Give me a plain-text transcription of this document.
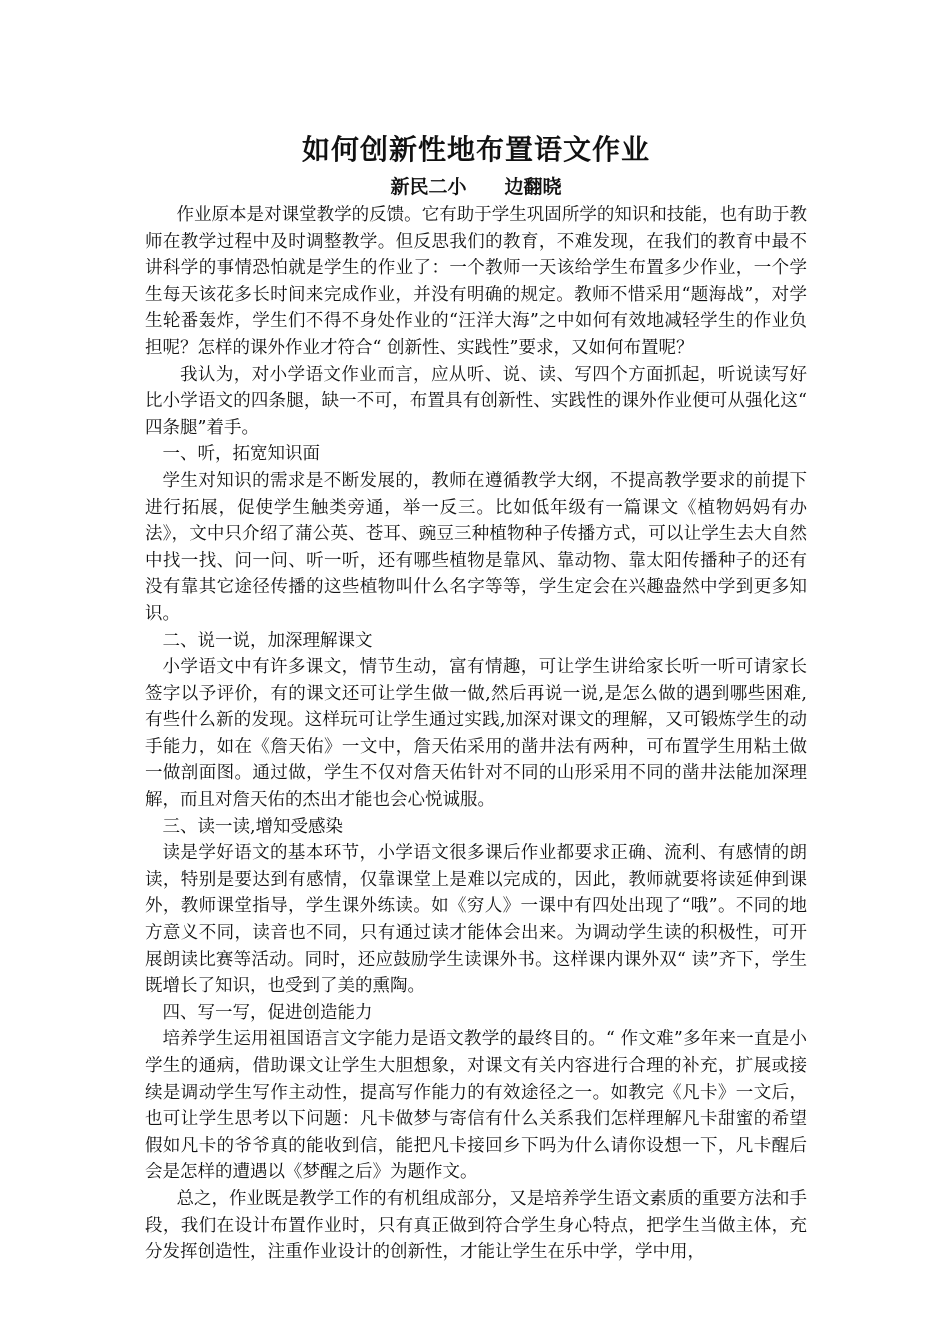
如何创新性地布置语文作业
新民二小　　边翻晓

作业原本是对课堂教学的反馈。它有助于学生巩固所学的知识和技能，也有助于教师在教学过程中及时调整教学。但反思我们的教育，不难发现，在我们的教育中最不讲科学的事情恐怕就是学生的作业了：一个教师一天该给学生布置多少作业，一个学生每天该花多长时间来完成作业，并没有明确的规定。教师不惜采用“题海战”，对学生轮番轰炸，学生们不得不身处作业的“汪洋大海”之中如何有效地减轻学生的作业负担呢？怎样的课外作业才符合“ 创新性、实践性”要求，又如何布置呢？

我认为，对小学语文作业而言，应从听、说、读、写四个方面抓起，听说读写好比小学语文的四条腿，缺一不可，布置具有创新性、实践性的课外作业便可从强化这“ 四条腿”着手。

一、听，拓宽知识面

学生对知识的需求是不断发展的，教师在遵循教学大纲，不提高教学要求的前提下进行拓展，促使学生触类旁通，举一反三。比如低年级有一篇课文《植物妈妈有办法》，文中只介绍了蒲公英、苍耳、豌豆三种植物种子传播方式，可以让学生去大自然中找一找、问一问、听一听，还有哪些植物是靠风、靠动物、靠太阳传播种子的还有没有靠其它途径传播的这些植物叫什么名字等等，学生定会在兴趣盎然中学到更多知识。

二、说一说，加深理解课文

小学语文中有许多课文，情节生动，富有情趣，可让学生讲给家长听一听可请家长签字以予评价，有的课文还可让学生做一做,然后再说一说,是怎么做的遇到哪些困难,有些什么新的发现。这样玩可让学生通过实践,加深对课文的理解，又可锻炼学生的动手能力，如在《詹天佑》一文中，詹天佑采用的凿井法有两种，可布置学生用粘土做一做剖面图。通过做，学生不仅对詹天佑针对不同的山形采用不同的凿井法能加深理解，而且对詹天佑的杰出才能也会心悦诚服。

三、读一读,增知受感染

读是学好语文的基本环节，小学语文很多课后作业都要求正确、流利、有感情的朗读，特别是要达到有感情，仅靠课堂上是难以完成的，因此，教师就要将读延伸到课外，教师课堂指导，学生课外练读。如《穷人》一课中有四处出现了“哦”。不同的地方意义不同，读音也不同，只有通过读才能体会出来。为调动学生读的积极性，可开展朗读比赛等活动。同时，还应鼓励学生读课外书。这样课内课外双“ 读”齐下，学生既增长了知识，也受到了美的熏陶。

四、写一写，促进创造能力

培养学生运用祖国语言文字能力是语文教学的最终目的。“ 作文难”多年来一直是小学生的通病，借助课文让学生大胆想象，对课文有关内容进行合理的补充，扩展或接续是调动学生写作主动性，提高写作能力的有效途径之一。如教完《凡卡》一文后，也可让学生思考以下问题：凡卡做梦与寄信有什么关系我们怎样理解凡卡甜蜜的希望假如凡卡的爷爷真的能收到信，能把凡卡接回乡下吗为什么请你设想一下，凡卡醒后会是怎样的遭遇以《梦醒之后》为题作文。

总之，作业既是教学工作的有机组成部分，又是培养学生语文素质的重要方法和手段，我们在设计布置作业时，只有真正做到符合学生身心特点，把学生当做主体，充分发挥创造性，注重作业设计的创新性，才能让学生在乐中学，学中用，
